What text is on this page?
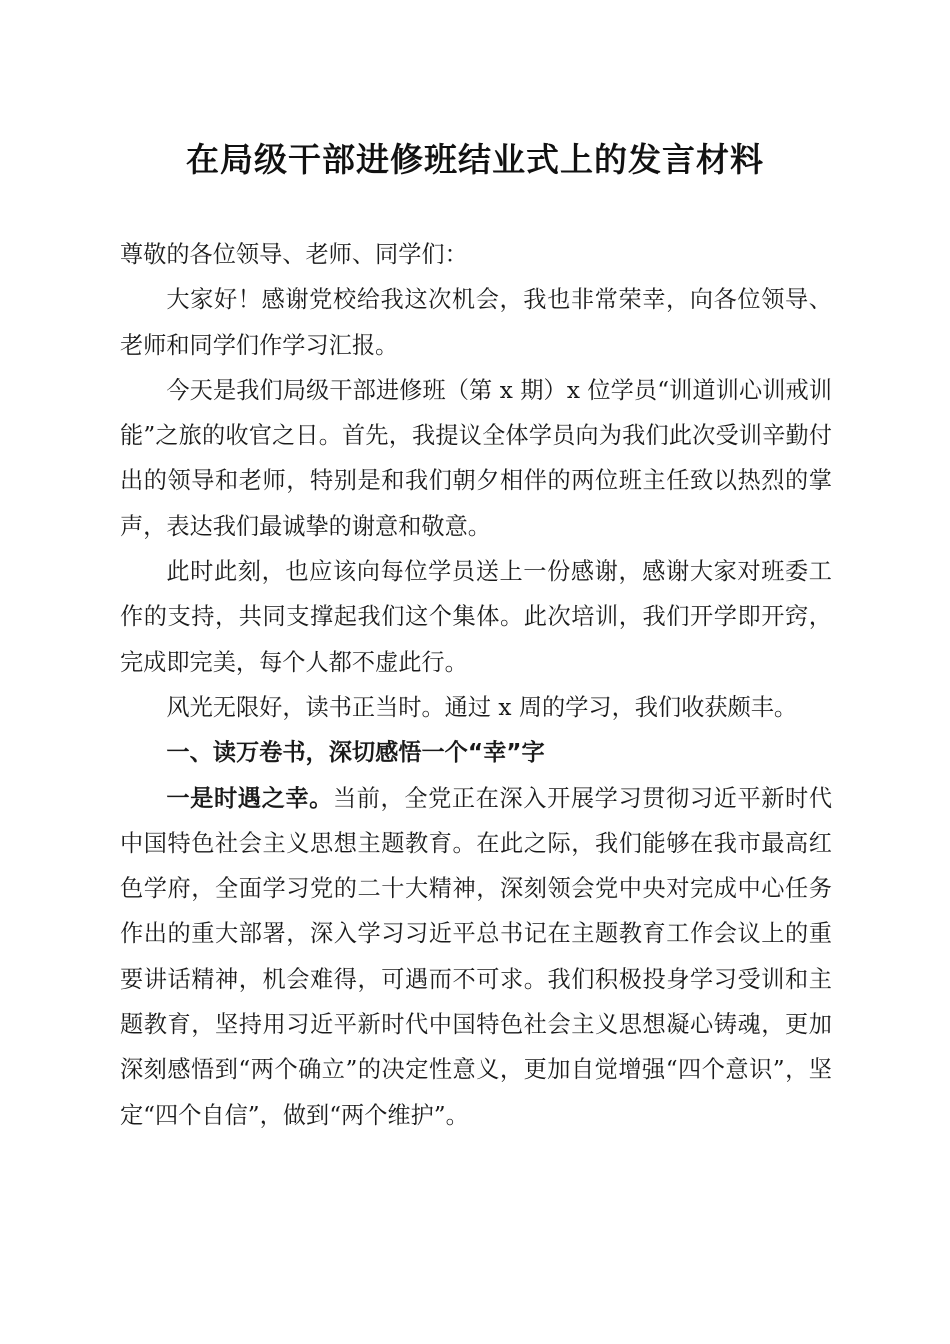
在局级干部进修班结业式上的发言材料

尊敬的各位领导、老师、同学们：

大家好！感谢党校给我这次机会，我也非常荣幸，向各位领导、老师和同学们作学习汇报。

今天是我们局级干部进修班（第 x 期）x 位学员“训道训心训戒训能”之旅的收官之日。首先，我提议全体学员向为我们此次受训辛勤付出的领导和老师，特别是和我们朝夕相伴的两位班主任致以热烈的掌声，表达我们最诚挚的谢意和敬意。

此时此刻，也应该向每位学员送上一份感谢，感谢大家对班委工作的支持，共同支撑起我们这个集体。此次培训，我们开学即开窍，完成即完美，每个人都不虚此行。

风光无限好，读书正当时。通过 x 周的学习，我们收获颇丰。

一、读万卷书，深切感悟一个“幸”字

一是时遇之幸。当前，全党正在深入开展学习贯彻习近平新时代中国特色社会主义思想主题教育。在此之际，我们能够在我市最高红色学府，全面学习党的二十大精神，深刻领会党中央对完成中心任务作出的重大部署，深入学习习近平总书记在主题教育工作会议上的重要讲话精神，机会难得，可遇而不可求。我们积极投身学习受训和主题教育，坚持用习近平新时代中国特色社会主义思想凝心铸魂，更加深刻感悟到“两个确立”的决定性意义，更加自觉增强“四个意识”，坚定“四个自信”，做到“两个维护”。
